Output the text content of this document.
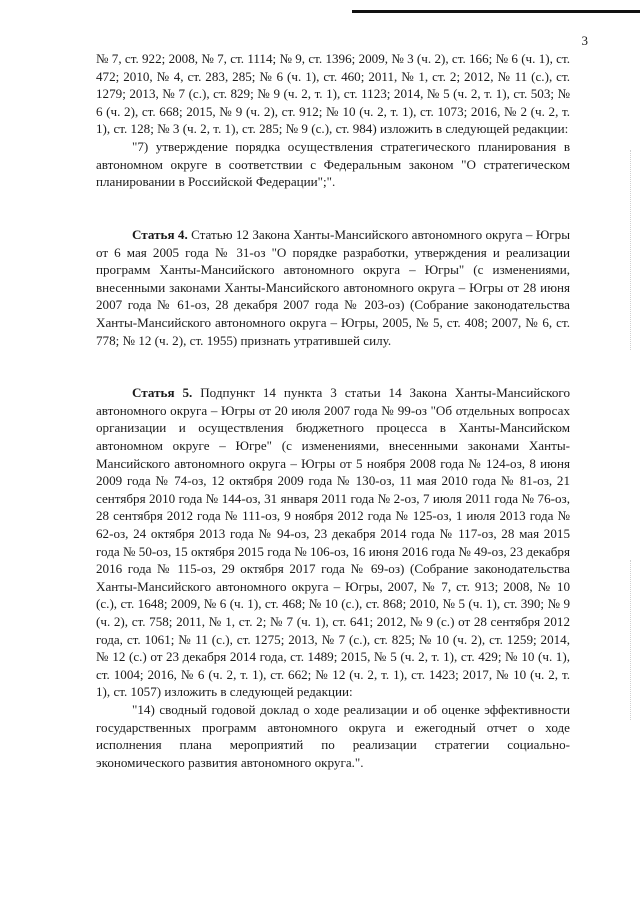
3

№ 7, ст. 922; 2008, № 7, ст. 1114; № 9, ст. 1396; 2009, № 3 (ч. 2), ст. 166; № 6 (ч. 1), ст. 472; 2010, № 4, ст. 283, 285; № 6 (ч. 1), ст. 460; 2011, № 1, ст. 2; 2012, № 11 (с.), ст. 1279; 2013, № 7 (с.), ст. 829; № 9 (ч. 2, т. 1), ст. 1123; 2014, № 5 (ч. 2, т. 1), ст. 503; № 6 (ч. 2), ст. 668; 2015, № 9 (ч. 2), ст. 912; № 10 (ч. 2, т. 1), ст. 1073; 2016, № 2 (ч. 2, т. 1), ст. 128; № 3 (ч. 2, т. 1), ст. 285; № 9 (с.), ст. 984) изложить в следующей редакции:

"7) утверждение порядка осуществления стратегического планирования в автономном округе в соответствии с Федеральным законом "О стратегическом планировании в Российской Федерации";".

Статья 4. Статью 12 Закона Ханты-Мансийского автономного округа – Югры от 6 мая 2005 года № 31-оз "О порядке разработки, утверждения и реализации программ Ханты-Мансийского автономного округа – Югры" (с изменениями, внесенными законами Ханты-Мансийского автономного округа – Югры от 28 июня 2007 года № 61-оз, 28 декабря 2007 года № 203-оз) (Собрание законодательства Ханты-Мансийского автономного округа – Югры, 2005, № 5, ст. 408; 2007, № 6, ст. 778; № 12 (ч. 2), ст. 1955) признать утратившей силу.

Статья 5. Подпункт 14 пункта 3 статьи 14 Закона Ханты-Мансийского автономного округа – Югры от 20 июля 2007 года № 99-оз "Об отдельных вопросах организации и осуществления бюджетного процесса в Ханты-Мансийском автономном округе – Югре" (с изменениями, внесенными законами Ханты-Мансийского автономного округа – Югры от 5 ноября 2008 года № 124-оз, 8 июня 2009 года № 74-оз, 12 октября 2009 года № 130-оз, 11 мая 2010 года № 81-оз, 21 сентября 2010 года № 144-оз, 31 января 2011 года № 2-оз, 7 июля 2011 года № 76-оз, 28 сентября 2012 года № 111-оз, 9 ноября 2012 года № 125-оз, 1 июля 2013 года № 62-оз, 24 октября 2013 года № 94-оз, 23 декабря 2014 года № 117-оз, 28 мая 2015 года № 50-оз, 15 октября 2015 года № 106-оз, 16 июня 2016 года № 49-оз, 23 декабря 2016 года № 115-оз, 29 октября 2017 года № 69-оз) (Собрание законодательства Ханты-Мансийского автономного округа – Югры, 2007, № 7, ст. 913; 2008, № 10 (с.), ст. 1648; 2009, № 6 (ч. 1), ст. 468; № 10 (с.), ст. 868; 2010, № 5 (ч. 1), ст. 390; № 9 (ч. 2), ст. 758; 2011, № 1, ст. 2; № 7 (ч. 1), ст. 641; 2012, № 9 (с.) от 28 сентября 2012 года, ст. 1061; № 11 (с.), ст. 1275; 2013, № 7 (с.), ст. 825; № 10 (ч. 2), ст. 1259; 2014, № 12 (с.) от 23 декабря 2014 года, ст. 1489; 2015, № 5 (ч. 2, т. 1), ст. 429; № 10 (ч. 1), ст. 1004; 2016, № 6 (ч. 2, т. 1), ст. 662; № 12 (ч. 2, т. 1), ст. 1423; 2017, № 10 (ч. 2, т. 1), ст. 1057) изложить в следующей редакции:

"14) сводный годовой доклад о ходе реализации и об оценке эффективности государственных программ автономного округа и ежегодный отчет о ходе исполнения плана мероприятий по реализации стратегии социально-экономического развития автономного округа.".
